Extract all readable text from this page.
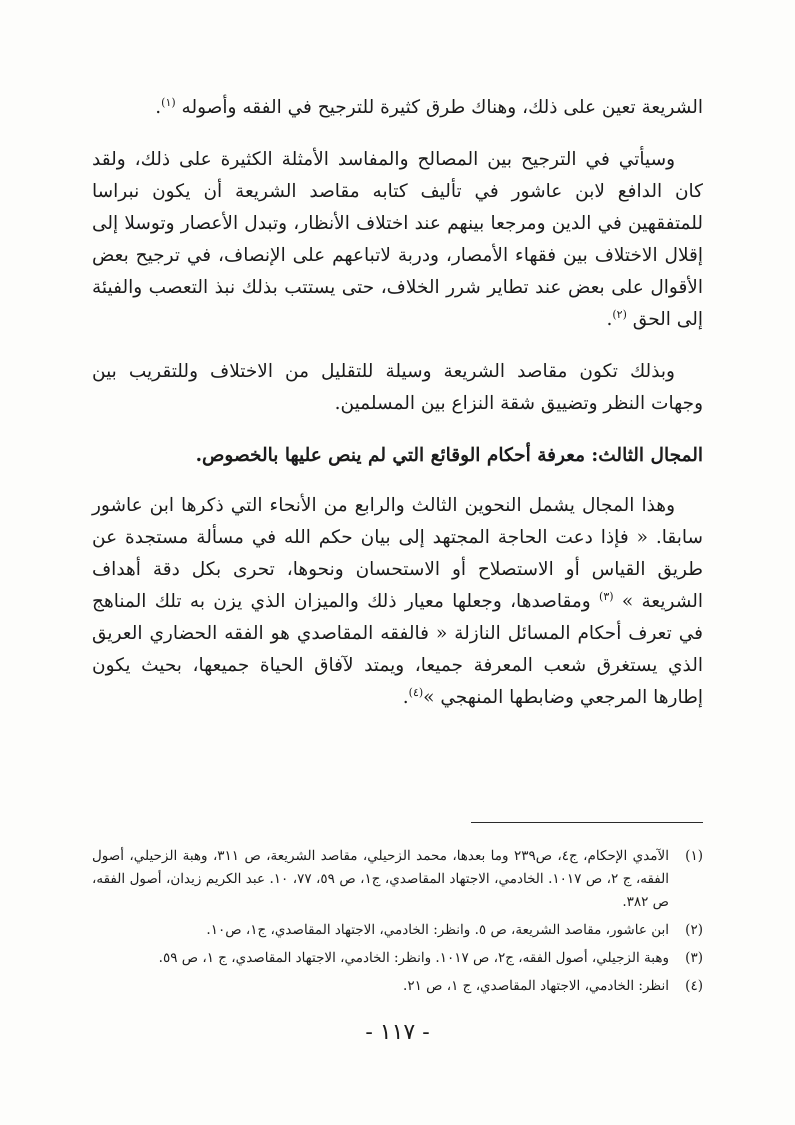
الشريعة تعين على ذلك، وهناك طرق كثيرة للترجيح في الفقه وأصوله $^{(١)}$.

وسيأتي في الترجيح بين المصالح والمفاسد الأمثلة الكثيرة على ذلك، ولقد كان الدافع لابن عاشور في تأليف كتابه مقاصد الشريعة أن يكون نبراسا للمتفقهين في الدين ومرجعا بينهم عند اختلاف الأنظار، وتبدل الأعصار وتوسلا إلى إقلال الاختلاف بين فقهاء الأمصار، ودربة لاتباعهم على الإنصاف، في ترجيح بعض الأقوال على بعض عند تطاير شرر الخلاف، حتى يستتب بذلك نبذ التعصب والفيئة إلى الحق $^{(٢)}$.

وبذلك تكون مقاصد الشريعة وسيلة للتقليل من الاختلاف وللتقريب بين وجهات النظر وتضييق شقة النزاع بين المسلمين.

المجال الثالث: معرفة أحكام الوقائع التي لم ينص عليها بالخصوص.

وهذا المجال يشمل النحوين الثالث والرابع من الأنحاء التي ذكرها ابن عاشور سابقا. « فإذا دعت الحاجة المجتهد إلى بيان حكم الله في مسألة مستجدة عن طريق القياس أو الاستصلاح أو الاستحسان ونحوها، تحرى بكل دقة أهداف الشريعة » $^{(٣)}$ ومقاصدها، وجعلها معيار ذلك والميزان الذي يزن به تلك المناهج في تعرف أحكام المسائل النازلة « فالفقه المقاصدي هو الفقه الحضاري العريق الذي يستغرق شعب المعرفة جميعا، ويمتد لآفاق الحياة جميعها، بحيث يكون إطارها المرجعي وضابطها المنهجي »$^{(٤)}$.

(١)
الآمدي الإحكام، ج٤، ص٢٣٩ وما بعدها، محمد الزحيلي، مقاصد الشريعة، ص ٣١١، وهبة الزحيلي، أصول الفقه، ج ٢، ص ١٠١٧. الخادمي، الاجتهاد المقاصدي، ج١، ص ٥٩، ٧٧، ١٠. عبد الكريم زيدان، أصول الفقه، ص ٣٨٢.
(٢)
ابن عاشور، مقاصد الشريعة، ص ٥. وانظر: الخادمي، الاجتهاد المقاصدي، ج١، ص١٠.
(٣)
وهبة الزجيلي، أصول الفقه، ج٢، ص ١٠١٧. وانظر: الخادمي، الاجتهاد المقاصدي، ج ١، ص ٥٩.
(٤)
انظر: الخادمي، الاجتهاد المقاصدي، ج ١، ص ٢١.
- ١١٧ -
